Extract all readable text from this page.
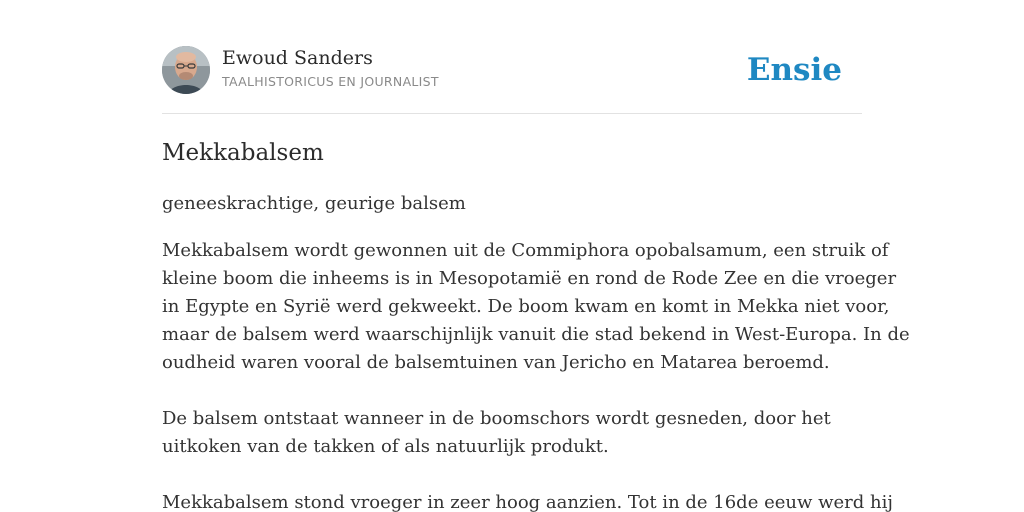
Ewoud Sanders
TAALHISTORICUS EN JOURNALIST	Ensie
Mekkabalsem

geneeskrachtige, geurige balsem

Mekkabalsem wordt gewonnen uit de Commiphora opobalsamum, een struik of

kleine boom die inheems is in Mesopotamië en rond de Rode Zee en die vroeger

in Egypte en Syrië werd gekweekt. De boom kwam en komt in Mekka niet voor,

maar de balsem werd waarschijnlijk vanuit die stad bekend in West-Europa. In de

oudheid waren vooral de balsemtuinen van Jericho en Matarea beroemd.

De balsem ontstaat wanneer in de boomschors wordt gesneden, door het

uitkoken van de takken of als natuurlijk produkt.

Mekkabalsem stond vroeger in zeer hoog aanzien. Tot in de 16de eeuw werd hij
